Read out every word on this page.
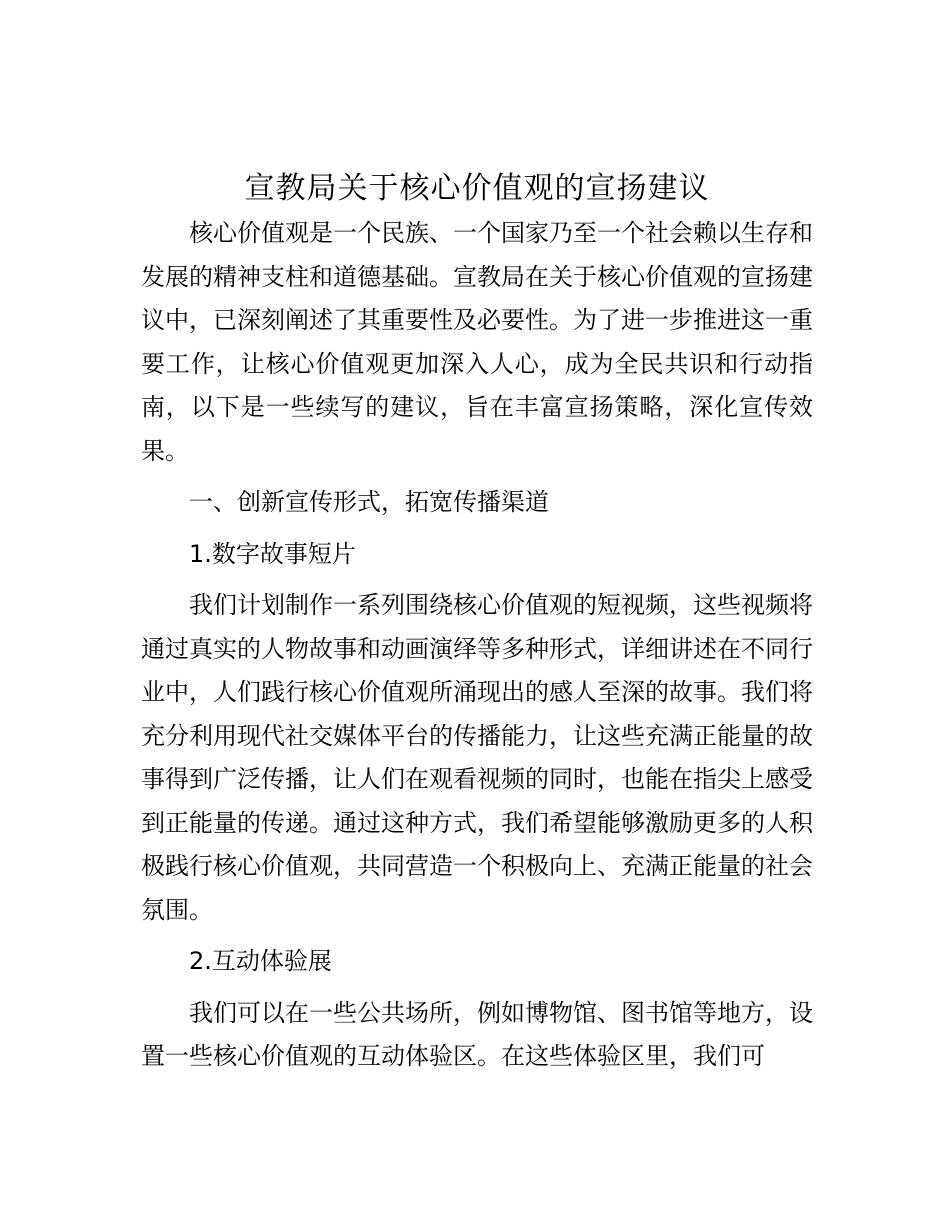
宣教局关于核心价值观的宣扬建议

核心价值观是一个民族、一个国家乃至一个社会赖以生存和发展的精神支柱和道德基础。宣教局在关于核心价值观的宣扬建议中，已深刻阐述了其重要性及必要性。为了进一步推进这一重要工作，让核心价值观更加深入人心，成为全民共识和行动指南，以下是一些续写的建议，旨在丰富宣扬策略，深化宣传效果。

一、创新宣传形式，拓宽传播渠道

1.数字故事短片

我们计划制作一系列围绕核心价值观的短视频，这些视频将通过真实的人物故事和动画演绎等多种形式，详细讲述在不同行业中，人们践行核心价值观所涌现出的感人至深的故事。我们将充分利用现代社交媒体平台的传播能力，让这些充满正能量的故事得到广泛传播，让人们在观看视频的同时，也能在指尖上感受到正能量的传递。通过这种方式，我们希望能够激励更多的人积极践行核心价值观，共同营造一个积极向上、充满正能量的社会氛围。

2.互动体验展

我们可以在一些公共场所，例如博物馆、图书馆等地方，设置一些核心价值观的互动体验区。在这些体验区里，我们可
